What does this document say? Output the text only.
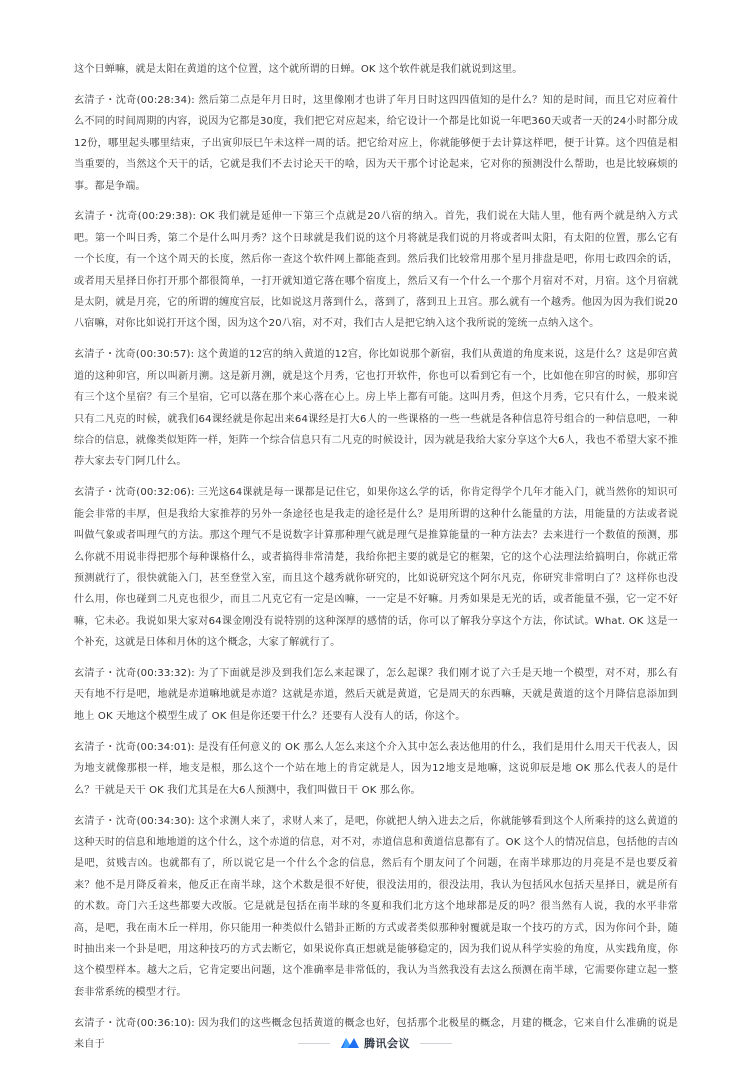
这个日蝉嘛，就是太阳在黄道的这个位置，这个就所谓的日蝉。OK 这个软件就是我们就说到这里。

玄清子・沈奇(00:28:34): 然后第二点是年月日时，这里像刚才也讲了年月日时这四四值知的是什么？知的是时间，而且它对应着什么不同的时间周期的内容，说因为它都是30度，我们把它对应起来，给它设计一个都是比如说一年吧360天或者一天的24小时都分成12份，哪里起头哪里结束，子出寅卯辰巳午未这样一周的话。把它给对应上，你就能够便于去计算这样吧，便于计算。这个四值是相当重要的，当然这个天干的话，它就是我们不去讨论天干的啥，因为天干那个讨论起来，它对你的预测没什么帮助，也是比较麻烦的事。都是争端。

玄清子・沈奇(00:29:38): OK 我们就是延伸一下第三个点就是20八宿的纳入。首先，我们说在大陆人里，他有两个就是纳入方式吧。第一个叫日秀，第二个是什么叫月秀？这个日球就是我们说的这个月将就是我们说的月将或者叫太阳，有太阳的位置，那么它有一个长度，有一个这个周天的长度，然后你一查这个软件网上都能查到。然后我们比较常用那个星月排盘是吧，你用七政四余的话，或者用天星择日你打开那个都很简单，一打开就知道它落在哪个宿度上，然后又有一个什么一个那个月宿对不对，月宿。这个月宿就是太阴，就是月亮，它的所谓的缠度宫辰，比如说这月落到什么，落到了，落到丑上丑宫。那么就有一个越秀。他因为因为我们说20八宿嘛，对你比如说打开这个图，因为这个20八宿，对不对，我们古人是把它纳入这个我所说的笼统一点纳入这个。

玄清子・沈奇(00:30:57): 这个黄道的12宫的纳入黄道的12宫，你比如说那个新宿，我们从黄道的角度来说，这是什么？这是卯宫黄道的这种卯宫，所以叫新月溯。这是新月溯，就是这个月秀，它也打开软件，你也可以看到它有一个，比如他在卯宫的时候，那卯宫有三个这个星宿？有三个星宿，它可以落在那个来心落在心上。房上毕上都有可能。这叫月秀，但这个月秀，它只有什么，一般来说只有二凡克的时候，就我们64课经就是你起出来64课经是打大6人的一些课格的一些一些就是各种信息符号组合的一种信息吧，一种综合的信息，就像类似矩阵一样，矩阵一个综合信息只有二凡克的时候设计，因为就是我给大家分享这个大6人，我也不希望大家不推荐大家去专门阿几什么。

玄清子・沈奇(00:32:06): 三光这64课就是每一课都是记住它，如果你这么学的话，你肯定得学个几年才能入门，就当然你的知识可能会非常的丰厚，但是我给大家推荐的另外一条途径也是我走的途径是什么？是用所谓的这种什么能量的方法，用能量的方法或者说叫做气象或者叫理气的方法。那这个理气不是说数字计算那种理气就是理气是推算能量的一种方法去？去来进行一个数值的预测，那么你就不用说非得把那个每种课格什么，或者搞得非常清楚，我给你把主要的就是它的框架，它的这个心法理法给搞明白，你就正常预测就行了，很快就能入门，甚至登堂入室，而且这个越秀就你研究的，比如说研究这个阿尔凡克，你研究非常明白了？这样你也没什么用，你也碰到二凡克也很少，而且二凡克它有一定是凶嘛，一一定是不好嘛。月秀如果是无光的话，或者能量不强，它一定不好嘛，它未必。我说如果大家对64课金刚没有说特别的这种深厚的感情的话，你可以了解我分享这个方法，你试试。What. OK 这是一个补充，这就是日体和月休的这个概念，大家了解就行了。

玄清子・沈奇(00:33:32): 为了下面就是涉及到我们怎么来起课了，怎么起课？我们刚才说了六壬是天地一个模型，对不对，那么有天有地不行是吧，地就是赤道嘛地就是赤道？这就是赤道，然后天就是黄道，它是周天的东西嘛，天就是黄道的这个月降信息添加到地上 OK 天地这个模型生成了 OK 但是你还要干什么？还要有人没有人的话，你这个。

玄清子・沈奇(00:34:01): 是没有任何意义的 OK 那么人怎么来这个介入其中怎么表达他用的什么，我们是用什么用天干代表人，因为地支就像那根一样，地支是根，那么这个一个站在地上的肯定就是人，因为12地支是地嘛，这说卯辰是地 OK 那么代表人的是什么？干就是天干 OK 我们尤其是在大6人预测中，我们叫做日干 OK 那么你。

玄清子・沈奇(00:34:30): 这个求测人来了，求财人来了，是吧，你就把人纳入进去之后，你就能够看到这个人所乘持的这么黄道的这种天时的信息和地地道的这个什么，这个赤道的信息，对不对，赤道信息和黄道信息都有了。OK 这个人的情况信息，包括他的吉凶是吧，贫贱吉凶。也就都有了，所以说它是一个什么个念的信息，然后有个朋友问了个问题，在南半球那边的月亮是不是也要反着来？他不是月降反着来，他反正在南半球，这个术数是很不好使，很没法用的，很没法用，我认为包括风水包括天星择日，就是所有的术数。奇门六壬这些都要大改版。它是就是包括在南半球的冬夏和我们北方这个地球都是反的吗？很当然有人说，我的水平非常高，是吧，我在南木丘一样用，你只能用一种类似什么错卦正断的方式或者类似那种射覆就是取一个技巧的方式，因为你问个卦，随时抽出来一个卦是吧，用这种技巧的方式去断它，如果说你真正想就是能够稳定的，因为我们说从科学实验的角度，从实践角度，你这个模型样本。越大之后，它肯定要出问题，这个准确率是非常低的，我认为当然我没有去这么预测在南半球，它需要你建立起一整套非常系统的模型才行。

玄清子・沈奇(00:36:10): 因为我们的这些概念包括黄道的概念也好，包括那个北极星的概念，月建的概念，它来自什么准确的说是来自于	腾讯会议
